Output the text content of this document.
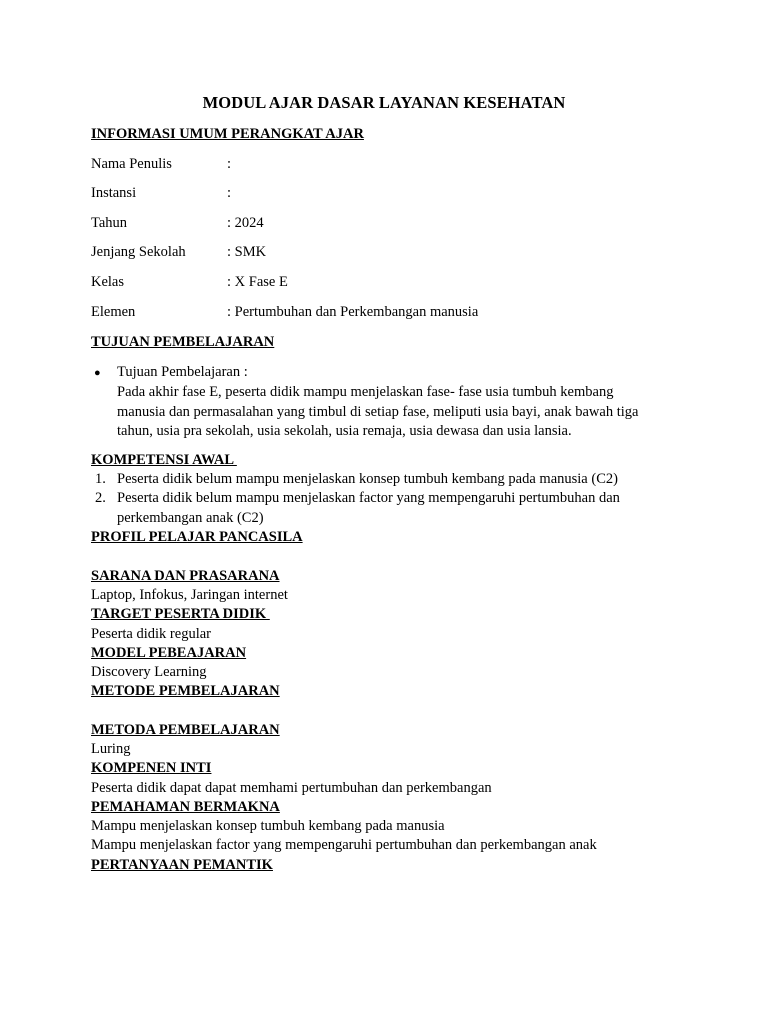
MODUL AJAR DASAR LAYANAN KESEHATAN
INFORMASI UMUM PERANGKAT AJAR
Nama Penulis	:
Instansi	:
Tahun	: 2024
Jenjang Sekolah	: SMK
Kelas	: X Fase E
Elemen	: Pertumbuhan dan Perkembangan manusia
TUJUAN PEMBELAJARAN
● Tujuan Pembelajaran :
Pada akhir fase E, peserta didik mampu menjelaskan fase- fase usia tumbuh kembang
manusia dan permasalahan yang timbul di setiap fase, meliputi usia bayi, anak bawah tiga
tahun, usia pra sekolah, usia sekolah, usia remaja, usia dewasa dan usia lansia.
KOMPETENSI AWAL
1. Peserta didik belum mampu menjelaskan konsep tumbuh kembang pada manusia (C2)
2. Peserta didik belum mampu menjelaskan factor yang mempengaruhi pertumbuhan dan
perkembangan anak (C2)
PROFIL PELAJAR PANCASILA
SARANA DAN PRASARANA
Laptop, Infokus, Jaringan internet
TARGET PESERTA DIDIK
Peserta didik regular
MODEL PEBEAJARAN
Discovery Learning
METODE PEMBELAJARAN
METODA PEMBELAJARAN
Luring
KOMPENEN INTI
Peserta didik dapat dapat memhami pertumbuhan dan perkembangan
PEMAHAMAN BERMAKNA
Mampu menjelaskan konsep tumbuh kembang pada manusia
Mampu menjelaskan factor yang mempengaruhi pertumbuhan dan perkembangan anak
PERTANYAAN PEMANTIK
